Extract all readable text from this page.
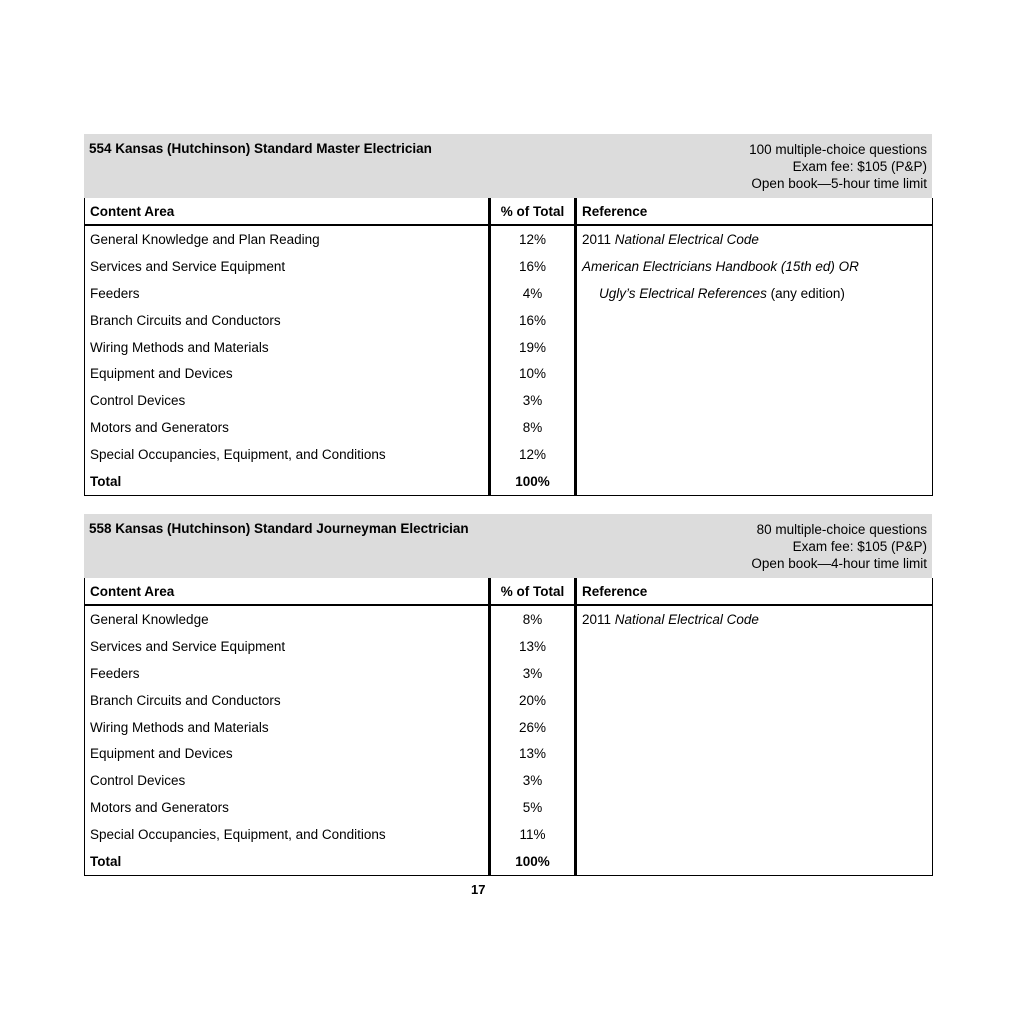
554 Kansas (Hutchinson) Standard Master Electrician	100 multiple-choice questions
Exam fee: $105 (P&P)
Open book—5-hour time limit
Content Area	% of Total	Reference
General Knowledge and Plan Reading	12%	2011 National Electrical Code
Services and Service Equipment	16%	American Electricians Handbook (15th ed) OR
Feeders	4%	Ugly’s Electrical References (any edition)
Branch Circuits and Conductors	16%	
Wiring Methods and Materials	19%	
Equipment and Devices	10%	
Control Devices	3%	
Motors and Generators	8%	
Special Occupancies, Equipment, and Conditions	12%	
Total	100%	
558 Kansas (Hutchinson) Standard Journeyman Electrician	80 multiple-choice questions
Exam fee: $105 (P&P)
Open book—4-hour time limit
Content Area	% of Total	Reference
General Knowledge	8%	2011 National Electrical Code
Services and Service Equipment	13%	
Feeders	3%	
Branch Circuits and Conductors	20%	
Wiring Methods and Materials	26%	
Equipment and Devices	13%	
Control Devices	3%	
Motors and Generators	5%	
Special Occupancies, Equipment, and Conditions	11%	
Total	100%	
17
